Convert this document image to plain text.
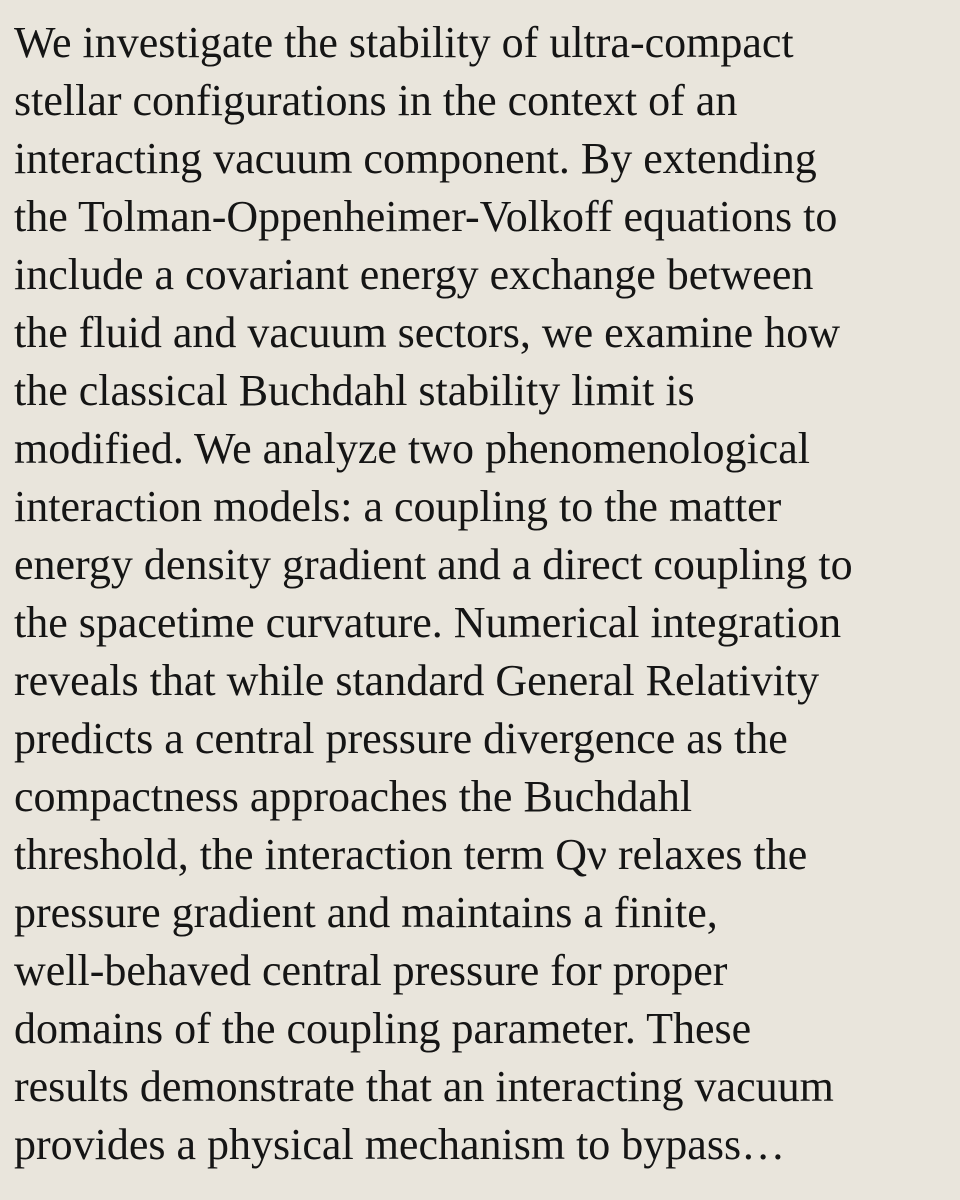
We investigate the stability of ultra-compact
stellar configurations in the context of an
interacting vacuum component. By extending
the Tolman-Oppenheimer-Volkoff equations to
include a covariant energy exchange between
the fluid and vacuum sectors, we examine how
the classical Buchdahl stability limit is
modified. We analyze two phenomenological
interaction models: a coupling to the matter
energy density gradient and a direct coupling to
the spacetime curvature. Numerical integration
reveals that while standard General Relativity
predicts a central pressure divergence as the
compactness approaches the Buchdahl
threshold, the interaction term Qν relaxes the
pressure gradient and maintains a finite,
well-behaved central pressure for proper
domains of the coupling parameter. These
results demonstrate that an interacting vacuum
provides a physical mechanism to bypass…
